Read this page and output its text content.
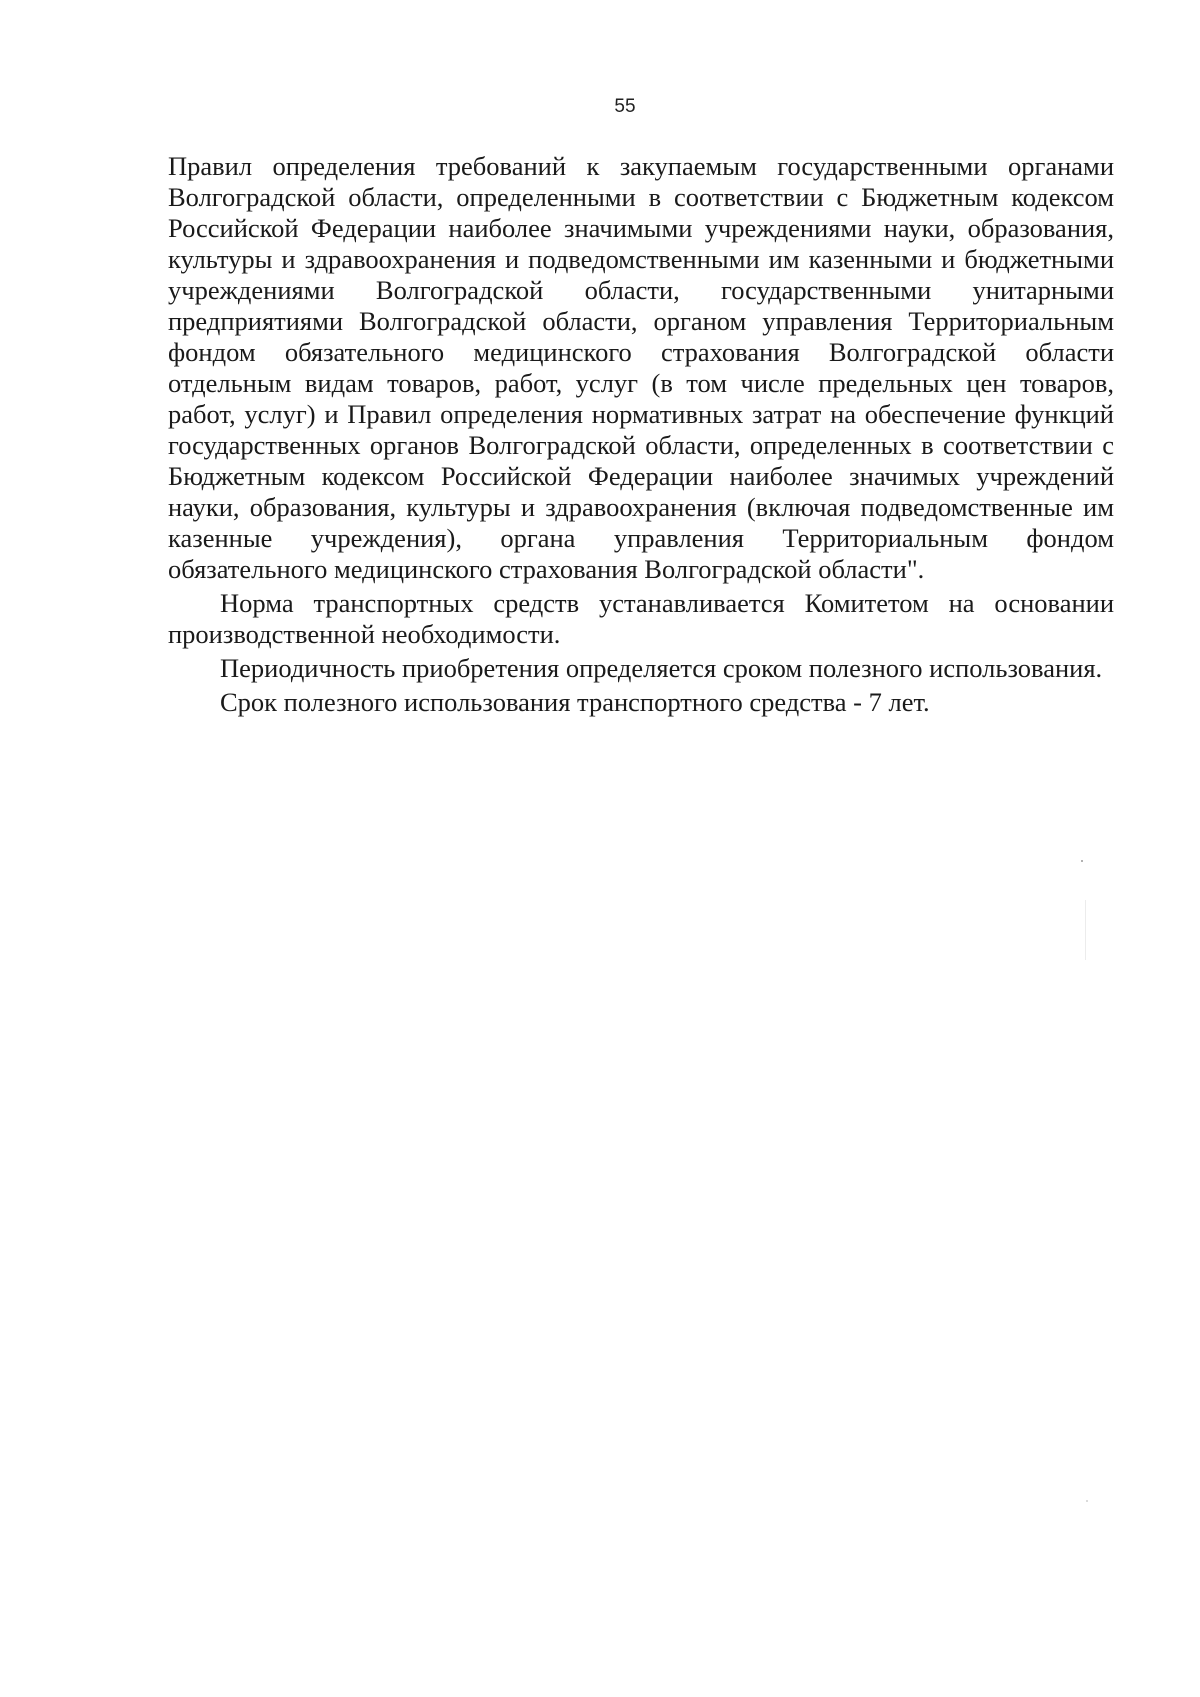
55

Правил определения требований к закупаемым государственными органами Волгоградской области, определенными в соответствии с Бюджетным кодексом Российской Федерации наиболее значимыми учреждениями науки, образования, культуры и здравоохранения и подведомственными им казенными и бюджетными учреждениями Волгоградской области, государственными унитарными предприятиями Волгоградской области, органом управления Территориальным фондом обязательного медицинского страхования Волгоградской области отдельным видам товаров, работ, услуг (в том числе предельных цен товаров, работ, услуг) и Правил определения нормативных затрат на обеспечение функций государственных органов Волгоградской области, определенных в соответствии с Бюджетным кодексом Российской Федерации наиболее значимых учреждений науки, образования, культуры и здравоохранения (включая подведомственные им казенные учреждения), органа управления Территориальным фондом обязательного медицинского страхования Волгоградской области".

Норма транспортных средств устанавливается Комитетом на основании производственной необходимости.

Периодичность приобретения определяется сроком полезного использования.

Срок полезного использования транспортного средства - 7 лет.
